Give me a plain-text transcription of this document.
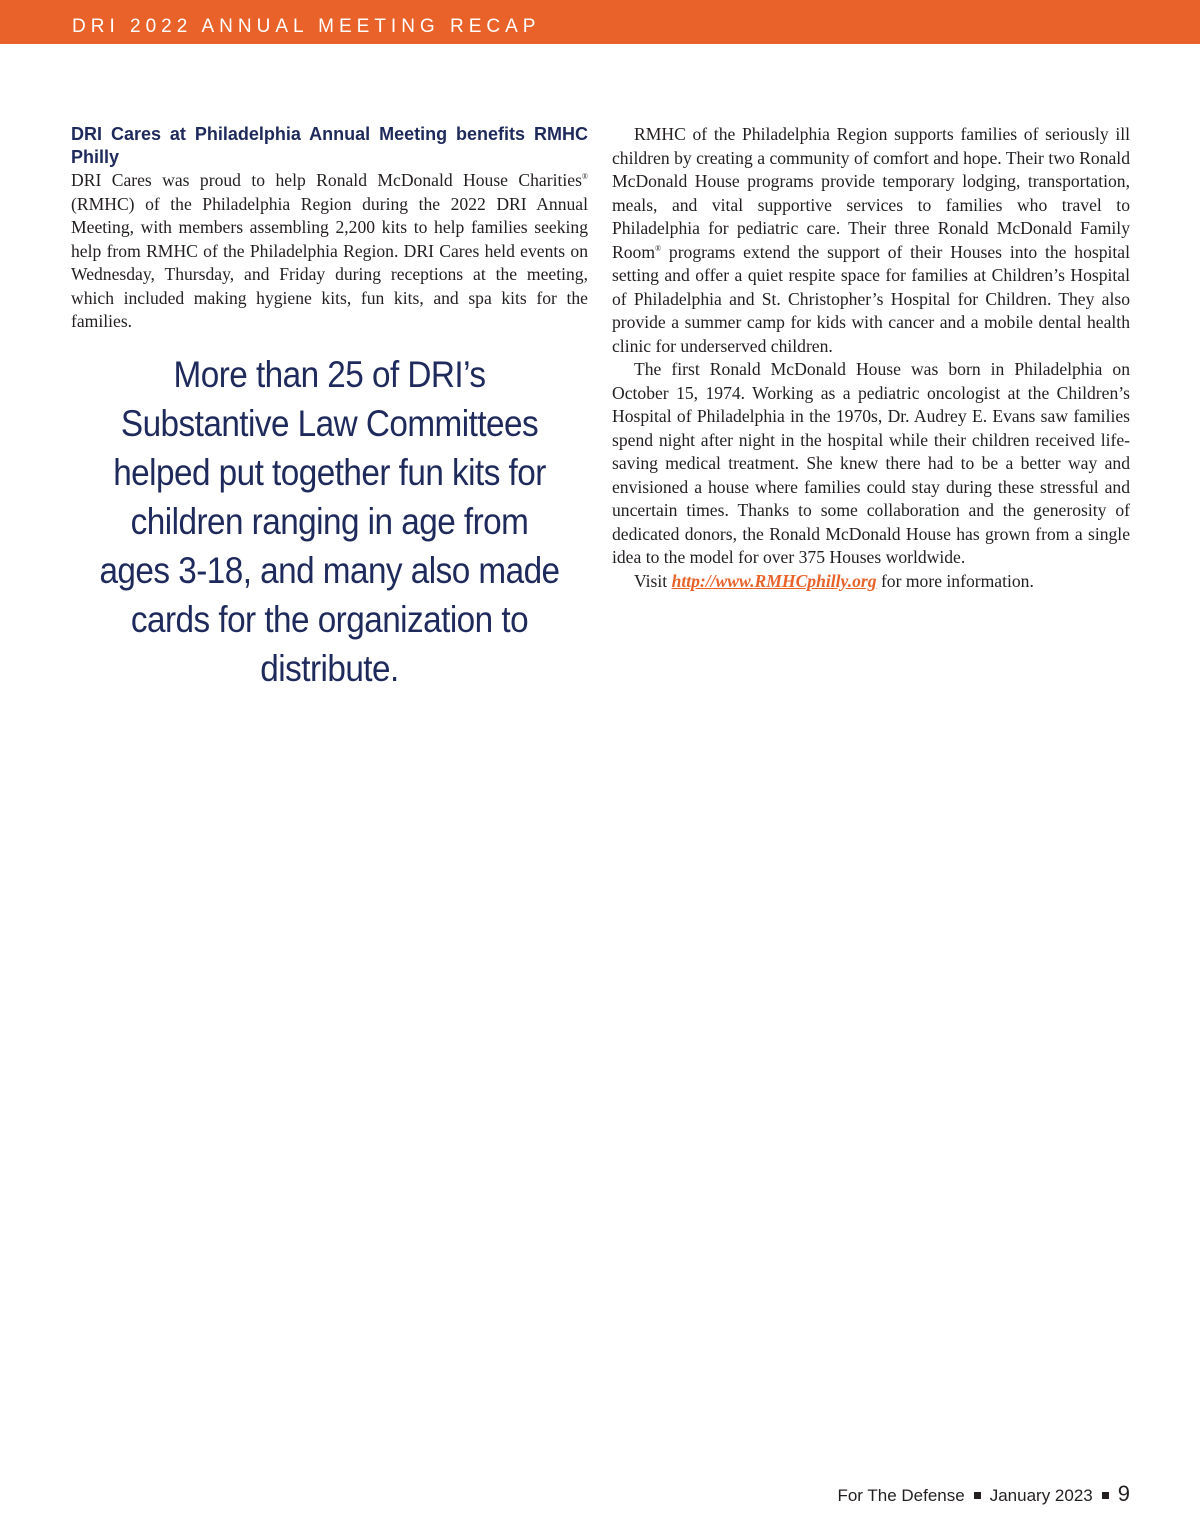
DRI 2022 ANNUAL MEETING RECAP

DRI Cares at Philadelphia Annual Meeting benefits RMHC Philly

DRI Cares was proud to help Ronald McDonald House Charities® (RMHC) of the Philadelphia Region during the 2022 DRI Annual Meeting, with members assembling 2,200 kits to help families seeking help from RMHC of the Philadelphia Region. DRI Cares held events on Wednesday, Thursday, and Friday during receptions at the meeting, which included making hygiene kits, fun kits, and spa kits for the families.

More than 25 of DRI’s Substantive Law Committees helped put together fun kits for children ranging in age from ages 3-18, and many also made cards for the organization to distribute.

RMHC of the Philadelphia Region supports families of seriously ill children by creating a community of comfort and hope. Their two Ronald McDonald House programs provide temporary lodging, transportation, meals, and vital supportive services to families who travel to Philadelphia for pediatric care. Their three Ronald McDonald Family Room® programs extend the support of their Houses into the hospital setting and offer a quiet respite space for families at Children’s Hospital of Philadelphia and St. Christopher’s Hospital for Children. They also provide a summer camp for kids with cancer and a mobile dental health clinic for underserved children.

The first Ronald McDonald House was born in Philadelphia on October 15, 1974. Working as a pediatric oncologist at the Children’s Hospital of Philadelphia in the 1970s, Dr. Audrey E. Evans saw families spend night after night in the hospital while their children received life-saving medical treatment. She knew there had to be a better way and envisioned a house where families could stay during these stressful and uncertain times. Thanks to some collaboration and the generosity of dedicated donors, the Ronald McDonald House has grown from a single idea to the model for over 375 Houses worldwide.

Visit http://www.RMHCphilly.org for more information.

For The Defense January 2023 9
